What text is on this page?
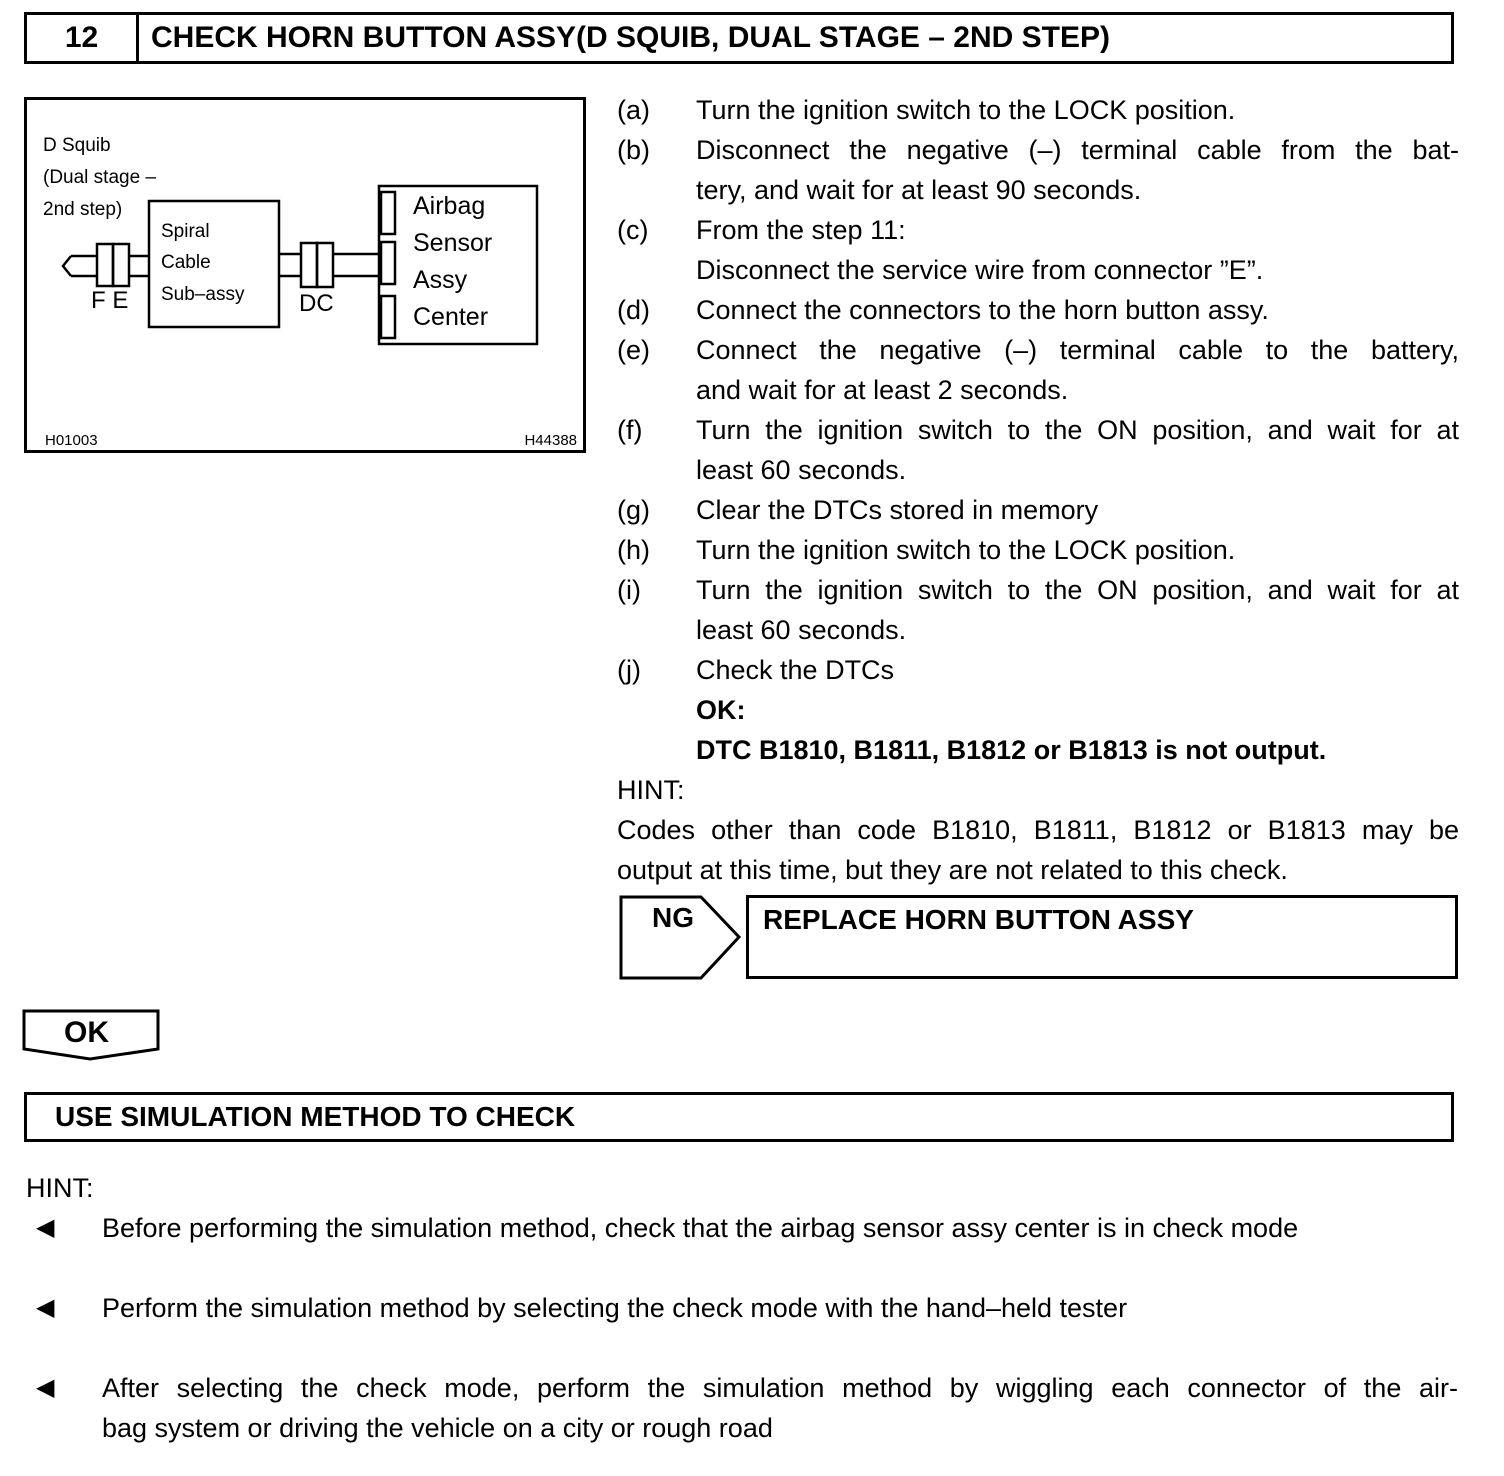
12	CHECK HORN BUTTON ASSY(D SQUIB, DUAL STAGE – 2ND STEP)
D Squib
(Dual stage –
2nd step)
Spiral
Cable
Sub–assy
Airbag
Sensor
Assy
Center
F E	DC
H01003	H44388
(a)	Turn the ignition switch to the LOCK position.
(b)	Disconnect the negative (–) terminal cable from the bat-
tery, and wait for at least 90 seconds.
(c)	From the step 11:
Disconnect the service wire from connector ”E”.
(d)	Connect the connectors to the horn button assy.
(e)	Connect the negative (–) terminal cable to the battery,
and wait for at least 2 seconds.
(f)	Turn the ignition switch to the ON position, and wait for at
least 60 seconds.
(g)	Clear the DTCs stored in memory
(h)	Turn the ignition switch to the LOCK position.
(i)	Turn the ignition switch to the ON position, and wait for at
least 60 seconds.
(j)	Check the DTCs
OK:
DTC B1810, B1811, B1812 or B1813 is not output.
HINT:
Codes other than code B1810, B1811, B1812 or B1813 may be
output at this time, but they are not related to this check.
NG REPLACE HORN BUTTON ASSY
OK
USE SIMULATION METHOD TO CHECK
HINT:
◀	Before performing the simulation method, check that the airbag sensor assy center is in check mode
◀	Perform the simulation method by selecting the check mode with the hand–held tester
◀	After selecting the check mode, perform the simulation method by wiggling each connector of the air-
bag system or driving the vehicle on a city or rough road
